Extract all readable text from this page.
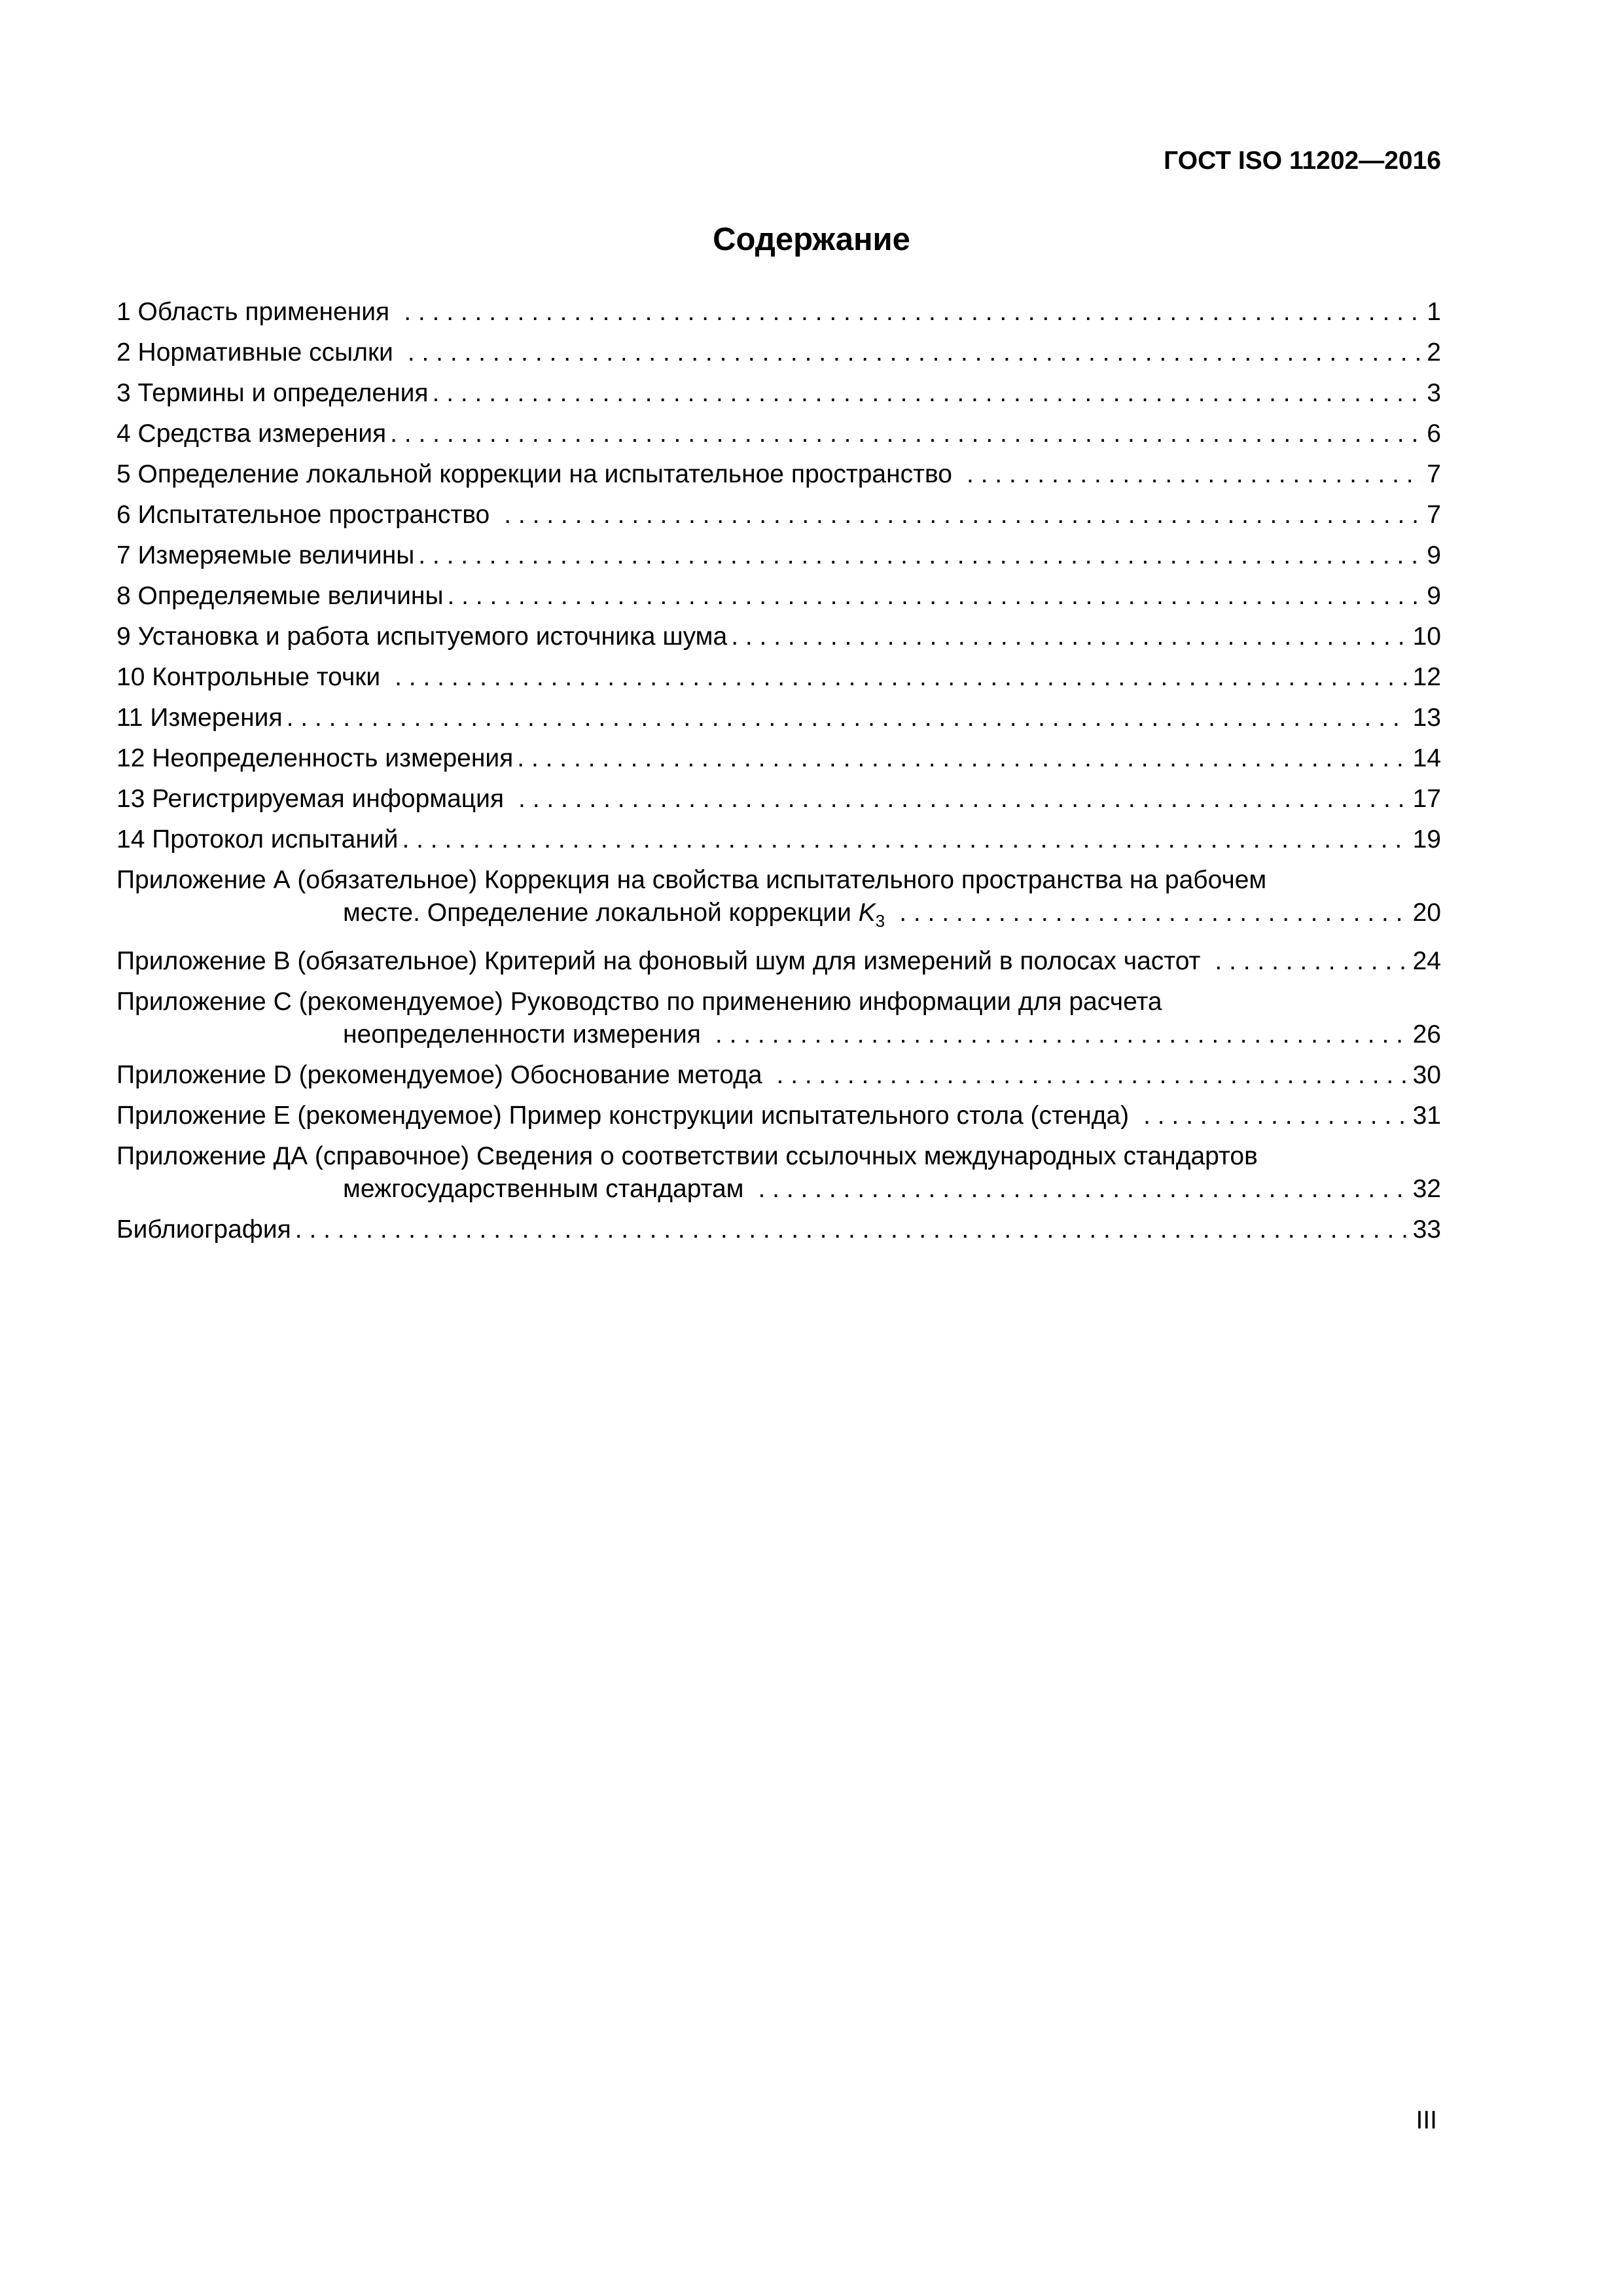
ГОСТ ISO 11202—2016
Содержание
1 Область применения . . .	1
2 Нормативные ссылки . . .	2
3 Термины и определения . . .	3
4 Средства измерения . . .	6
5 Определение локальной коррекции на испытательное пространство . . .	7
6 Испытательное пространство . . .	7
7 Измеряемые величины . . .	9
8 Определяемые величины . . .	9
9 Установка и работа испытуемого источника шума . . .	10
10 Контрольные точки . . .	12
11 Измерения . . .	13
12 Неопределенность измерения . . .	14
13 Регистрируемая информация . . .	17
14 Протокол испытаний . . .	19
Приложение А (обязательное) Коррекция на свойства испытательного пространства на рабочем
месте. Определение локальной коррекции $K_3$ . . .	20
Приложение В (обязательное) Критерий на фоновый шум для измерений в полосах частот . . .	24
Приложение С (рекомендуемое) Руководство по применению информации для расчета
неопределенности измерения . . .	26
Приложение D (рекомендуемое) Обоснование метода . . .	30
Приложение Е (рекомендуемое) Пример конструкции испытательного стола (стенда) . . .	31
Приложение ДА (справочное) Сведения о соответствии ссылочных международных стандартов
межгосударственным стандартам . . .	32
Библиография . . .	33
III
